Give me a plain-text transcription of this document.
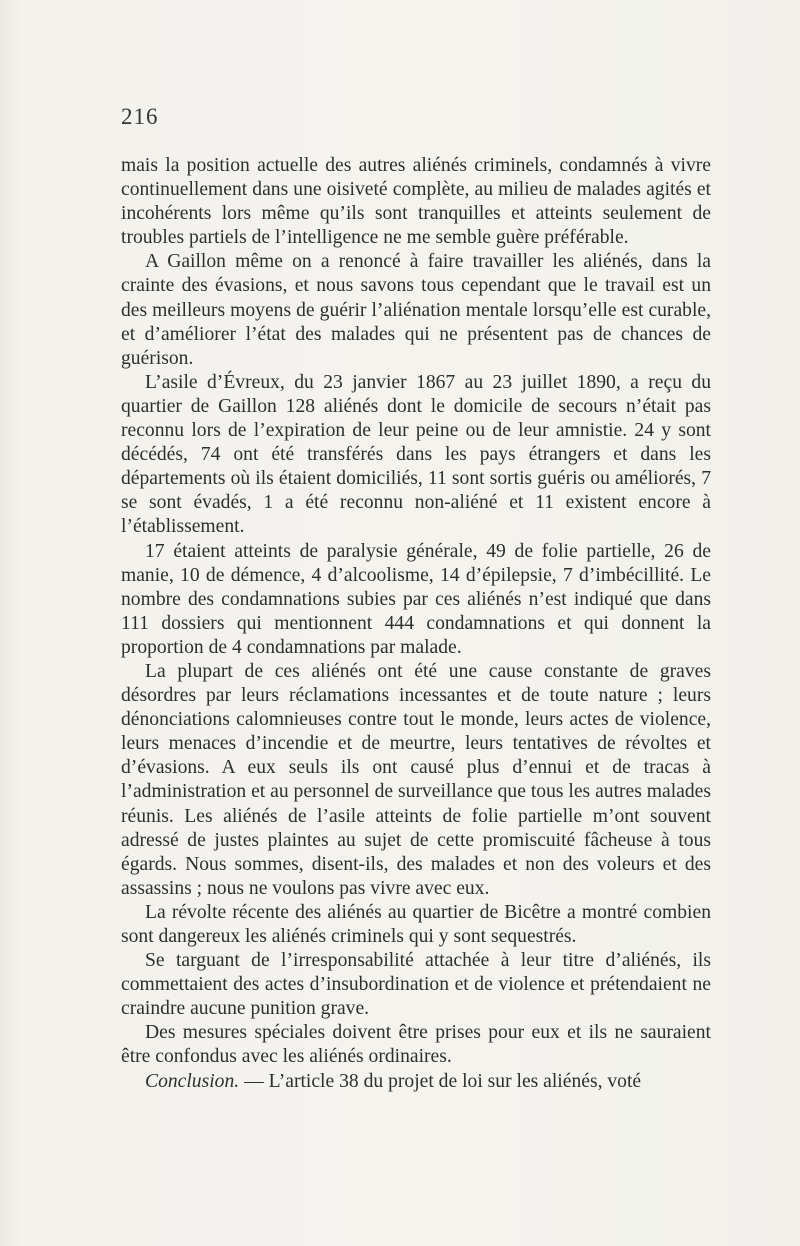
216

mais la position actuelle des autres aliénés criminels, condamnés à vivre continuellement dans une oisiveté complète, au milieu de malades agités et incohérents lors même qu’ils sont tranquilles et atteints seulement de troubles partiels de l’intelligence ne me semble guère préférable.

A Gaillon même on a renoncé à faire travailler les aliénés, dans la crainte des évasions, et nous savons tous cependant que le travail est un des meilleurs moyens de guérir l’aliénation mentale lorsqu’elle est curable, et d’améliorer l’état des malades qui ne présentent pas de chances de guérison.

L’asile d’Évreux, du 23 janvier 1867 au 23 juillet 1890, a reçu du quartier de Gaillon 128 aliénés dont le domicile de secours n’était pas reconnu lors de l’expiration de leur peine ou de leur amnistie. 24 y sont décédés, 74 ont été transférés dans les pays étrangers et dans les départements où ils étaient domiciliés, 11 sont sortis guéris ou améliorés, 7 se sont évadés, 1 a été reconnu non-aliéné et 11 existent encore à l’établissement.

17 étaient atteints de paralysie générale, 49 de folie partielle, 26 de manie, 10 de démence, 4 d’alcoolisme, 14 d’épilepsie, 7 d’imbécillité. Le nombre des condamnations subies par ces aliénés n’est indiqué que dans 111 dossiers qui mentionnent 444 condamnations et qui donnent la proportion de 4 condamnations par malade.

La plupart de ces aliénés ont été une cause constante de graves désordres par leurs réclamations incessantes et de toute nature ; leurs dénonciations calomnieuses contre tout le monde, leurs actes de violence, leurs menaces d’incendie et de meurtre, leurs tentatives de révoltes et d’évasions. A eux seuls ils ont causé plus d’ennui et de tracas à l’administration et au personnel de surveillance que tous les autres malades réunis. Les aliénés de l’asile atteints de folie partielle m’ont souvent adressé de justes plaintes au sujet de cette promiscuité fâcheuse à tous égards. Nous sommes, disent-ils, des malades et non des voleurs et des assassins ; nous ne voulons pas vivre avec eux.

La révolte récente des aliénés au quartier de Bicêtre a montré combien sont dangereux les aliénés criminels qui y sont sequestrés.

Se targuant de l’irresponsabilité attachée à leur titre d’aliénés, ils commettaient des actes d’insubordination et de violence et prétendaient ne craindre aucune punition grave.

Des mesures spéciales doivent être prises pour eux et ils ne sauraient être confondus avec les aliénés ordinaires.

Conclusion. — L’article 38 du projet de loi sur les aliénés, voté
